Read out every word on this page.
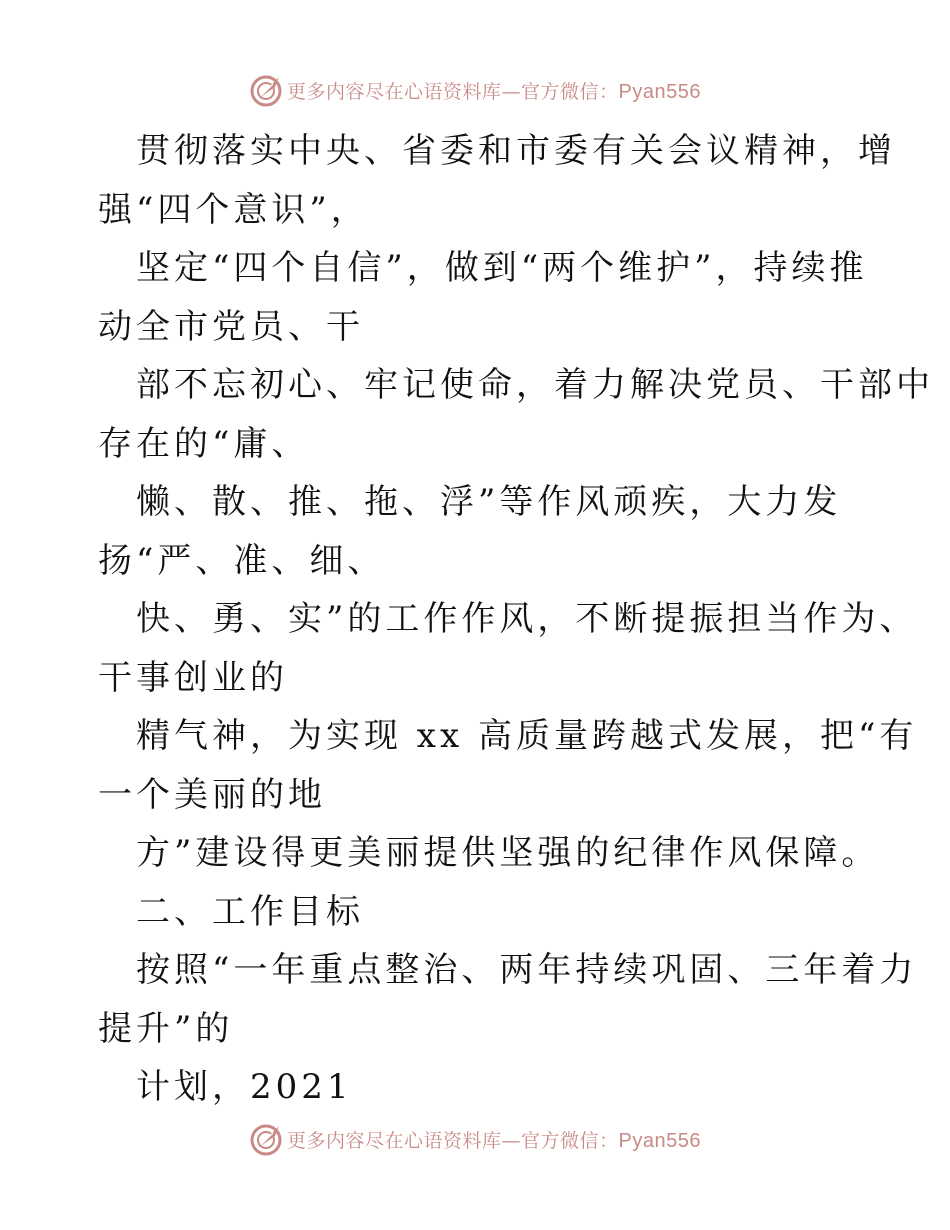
更多内容尽在心语资料库—官方微信：Pyan556
贯彻落实中央、省委和市委有关会议精神，增
强“四个意识”，
坚定“四个自信”，做到“两个维护”，持续推
动全市党员、干
部不忘初心、牢记使命，着力解决党员、干部中
存在的“庸、
懒、散、推、拖、浮”等作风顽疾，大力发
扬“严、准、细、
快、勇、实”的工作作风，不断提振担当作为、
干事创业的
精气神，为实现 xx 高质量跨越式发展，把“有
一个美丽的地
方”建设得更美丽提供坚强的纪律作风保障。
二、工作目标
按照“一年重点整治、两年持续巩固、三年着力
提升”的
计划，2021
更多内容尽在心语资料库—官方微信：Pyan556
